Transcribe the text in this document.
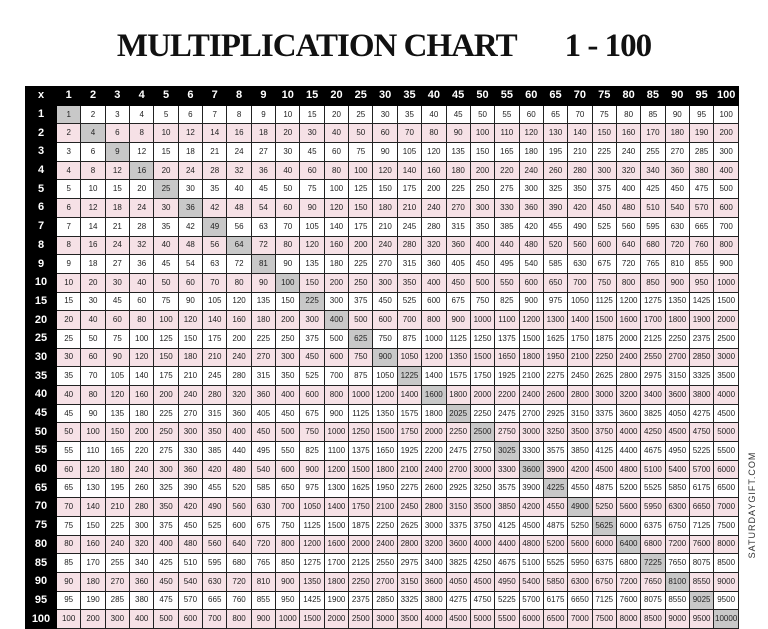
MULTIPLICATION CHART 1 - 100
x	1	2	3	4	5	6	7	8	9	10	15	20	25	30	35	40	45	50	55	60	65	70	75	80	85	90	95	100
1	1	2	3	4	5	6	7	8	9	10	15	20	25	30	35	40	45	50	55	60	65	70	75	80	85	90	95	100
2	2	4	6	8	10	12	14	16	18	20	30	40	50	60	70	80	90	100	110	120	130	140	150	160	170	180	190	200
3	3	6	9	12	15	18	21	24	27	30	45	60	75	90	105	120	135	150	165	180	195	210	225	240	255	270	285	300
4	4	8	12	16	20	24	28	32	36	40	60	80	100	120	140	160	180	200	220	240	260	280	300	320	340	360	380	400
5	5	10	15	20	25	30	35	40	45	50	75	100	125	150	175	200	225	250	275	300	325	350	375	400	425	450	475	500
6	6	12	18	24	30	36	42	48	54	60	90	120	150	180	210	240	270	300	330	360	390	420	450	480	510	540	570	600
7	7	14	21	28	35	42	49	56	63	70	105	140	175	210	245	280	315	350	385	420	455	490	525	560	595	630	665	700
8	8	16	24	32	40	48	56	64	72	80	120	160	200	240	280	320	360	400	440	480	520	560	600	640	680	720	760	800
9	9	18	27	36	45	54	63	72	81	90	135	180	225	270	315	360	405	450	495	540	585	630	675	720	765	810	855	900
10	10	20	30	40	50	60	70	80	90	100	150	200	250	300	350	400	450	500	550	600	650	700	750	800	850	900	950	1000
15	15	30	45	60	75	90	105	120	135	150	225	300	375	450	525	600	675	750	825	900	975	1050	1125	1200	1275	1350	1425	1500
20	20	40	60	80	100	120	140	160	180	200	300	400	500	600	700	800	900	1000	1100	1200	1300	1400	1500	1600	1700	1800	1900	2000
25	25	50	75	100	125	150	175	200	225	250	375	500	625	750	875	1000	1125	1250	1375	1500	1625	1750	1875	2000	2125	2250	2375	2500
30	30	60	90	120	150	180	210	240	270	300	450	600	750	900	1050	1200	1350	1500	1650	1800	1950	2100	2250	2400	2550	2700	2850	3000
35	35	70	105	140	175	210	245	280	315	350	525	700	875	1050	1225	1400	1575	1750	1925	2100	2275	2450	2625	2800	2975	3150	3325	3500
40	40	80	120	160	200	240	280	320	360	400	600	800	1000	1200	1400	1600	1800	2000	2200	2400	2600	2800	3000	3200	3400	3600	3800	4000
45	45	90	135	180	225	270	315	360	405	450	675	900	1125	1350	1575	1800	2025	2250	2475	2700	2925	3150	3375	3600	3825	4050	4275	4500
50	50	100	150	200	250	300	350	400	450	500	750	1000	1250	1500	1750	2000	2250	2500	2750	3000	3250	3500	3750	4000	4250	4500	4750	5000
55	55	110	165	220	275	330	385	440	495	550	825	1100	1375	1650	1925	2200	2475	2750	3025	3300	3575	3850	4125	4400	4675	4950	5225	5500
60	60	120	180	240	300	360	420	480	540	600	900	1200	1500	1800	2100	2400	2700	3000	3300	3600	3900	4200	4500	4800	5100	5400	5700	6000
65	65	130	195	260	325	390	455	520	585	650	975	1300	1625	1950	2275	2600	2925	3250	3575	3900	4225	4550	4875	5200	5525	5850	6175	6500
70	70	140	210	280	350	420	490	560	630	700	1050	1400	1750	2100	2450	2800	3150	3500	3850	4200	4550	4900	5250	5600	5950	6300	6650	7000
75	75	150	225	300	375	450	525	600	675	750	1125	1500	1875	2250	2625	3000	3375	3750	4125	4500	4875	5250	5625	6000	6375	6750	7125	7500
80	80	160	240	320	400	480	560	640	720	800	1200	1600	2000	2400	2800	3200	3600	4000	4400	4800	5200	5600	6000	6400	6800	7200	7600	8000
85	85	170	255	340	425	510	595	680	765	850	1275	1700	2125	2550	2975	3400	3825	4250	4675	5100	5525	5950	6375	6800	7225	7650	8075	8500
90	90	180	270	360	450	540	630	720	810	900	1350	1800	2250	2700	3150	3600	4050	4500	4950	5400	5850	6300	6750	7200	7650	8100	8550	9000
95	95	190	285	380	475	570	665	760	855	950	1425	1900	2375	2850	3325	3800	4275	4750	5225	5700	6175	6650	7125	7600	8075	8550	9025	9500
100	100	200	300	400	500	600	700	800	900	1000	1500	2000	2500	3000	3500	4000	4500	5000	5500	6000	6500	7000	7500	8000	8500	9000	9500	10000
SATURDAYGIFT.COM
